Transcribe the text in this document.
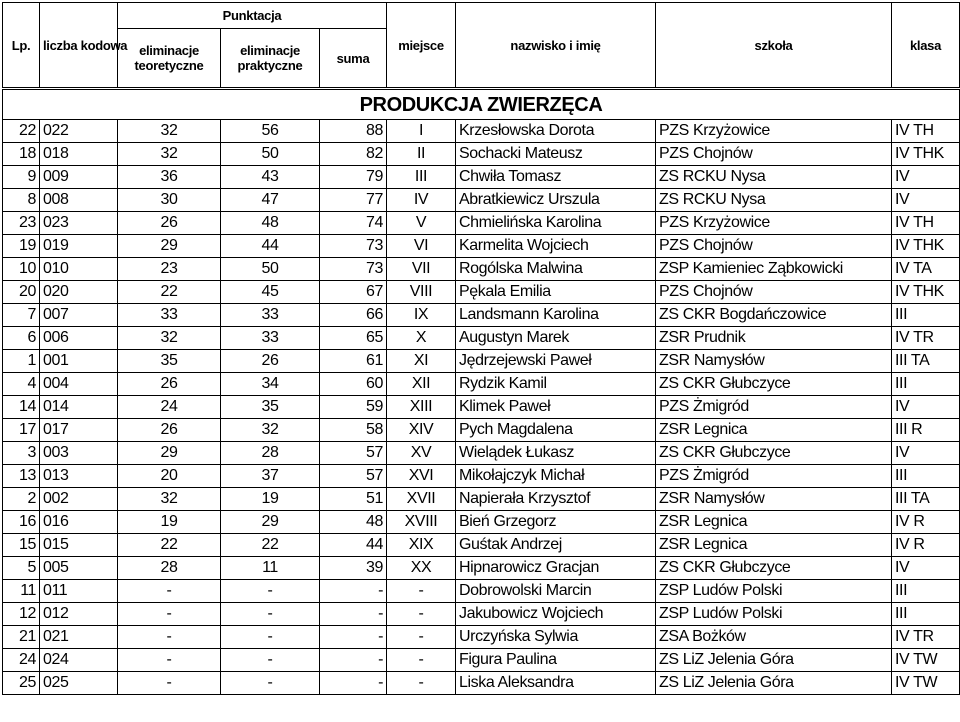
Lp.	liczba kodowa	Punktacja			miejsce	nazwisko i imię	szkoła	klasa
		eliminacje teoretyczne	eliminacje praktyczne	suma				
PRODUKCJA ZWIERZĘCA								
22	022	32	56	88	I	Krzesłowska Dorota	PZS Krzyżowice	IV TH
18	018	32	50	82	II	Sochacki Mateusz	PZS Chojnów	IV THK
9	009	36	43	79	III	Chwiła Tomasz	ZS RCKU Nysa	IV
8	008	30	47	77	IV	Abratkiewicz Urszula	ZS RCKU Nysa	IV
23	023	26	48	74	V	Chmielińska Karolina	PZS Krzyżowice	IV TH
19	019	29	44	73	VI	Karmelita Wojciech	PZS Chojnów	IV THK
10	010	23	50	73	VII	Rogólska Malwina	ZSP Kamieniec Ząbkowicki	IV TA
20	020	22	45	67	VIII	Pękala Emilia	PZS Chojnów	IV THK
7	007	33	33	66	IX	Landsmann Karolina	ZS CKR Bogdańczowice	III
6	006	32	33	65	X	Augustyn Marek	ZSR Prudnik	IV TR
1	001	35	26	61	XI	Jędrzejewski Paweł	ZSR Namysłów	III TA
4	004	26	34	60	XII	Rydzik Kamil	ZS CKR Głubczyce	III
14	014	24	35	59	XIII	Klimek Paweł	PZS Żmigród	IV
17	017	26	32	58	XIV	Pych Magdalena	ZSR Legnica	III R
3	003	29	28	57	XV	Wielądek Łukasz	ZS CKR Głubczyce	IV
13	013	20	37	57	XVI	Mikołajczyk Michał	PZS Żmigród	III
2	002	32	19	51	XVII	Napierała Krzysztof	ZSR Namysłów	III TA
16	016	19	29	48	XVIII	Bień Grzegorz	ZSR Legnica	IV R
15	015	22	22	44	XIX	Guśtak Andrzej	ZSR Legnica	IV R
5	005	28	11	39	XX	Hipnarowicz Gracjan	ZS CKR Głubczyce	IV
11	011	-	-	-	-	Dobrowolski Marcin	ZSP Ludów Polski	III
12	012	-	-	-	-	Jakubowicz Wojciech	ZSP Ludów Polski	III
21	021	-	-	-	-	Urczyńska Sylwia	ZSA Bożków	IV TR
24	024	-	-	-	-	Figura Paulina	ZS LiZ Jelenia Góra	IV TW
25	025	-	-	-	-	Liska Aleksandra	ZS LiZ Jelenia Góra	IV TW
